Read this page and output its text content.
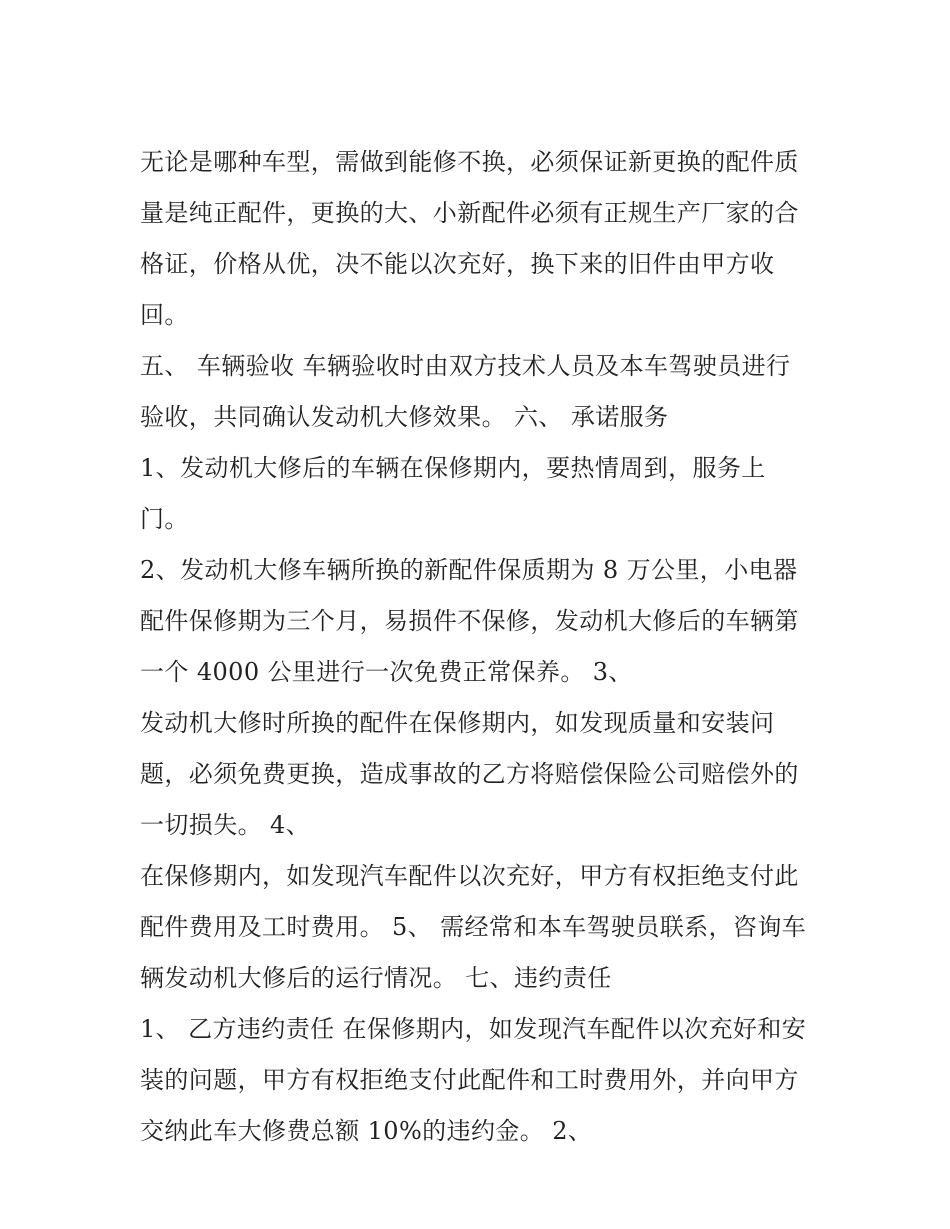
无论是哪种车型，需做到能修不换，必须保证新更换的配件质
量是纯正配件，更换的大、小新配件必须有正规生产厂家的合
格证，价格从优，决不能以次充好，换下来的旧件由甲方收
回。
五、 车辆验收 车辆验收时由双方技术人员及本车驾驶员进行
验收，共同确认发动机大修效果。 六、 承诺服务
1、发动机大修后的车辆在保修期内，要热情周到，服务上
门。
2、发动机大修车辆所换的新配件保质期为 8 万公里，小电器
配件保修期为三个月，易损件不保修，发动机大修后的车辆第
一个 4000 公里进行一次免费正常保养。 3、
发动机大修时所换的配件在保修期内，如发现质量和安装问
题，必须免费更换，造成事故的乙方将赔偿保险公司赔偿外的
一切损失。 4、
在保修期内，如发现汽车配件以次充好，甲方有权拒绝支付此
配件费用及工时费用。 5、 需经常和本车驾驶员联系，咨询车
辆发动机大修后的运行情况。 七、违约责任
1、 乙方违约责任 在保修期内，如发现汽车配件以次充好和安
装的问题，甲方有权拒绝支付此配件和工时费用外，并向甲方
交纳此车大修费总额 10%的违约金。 2、
